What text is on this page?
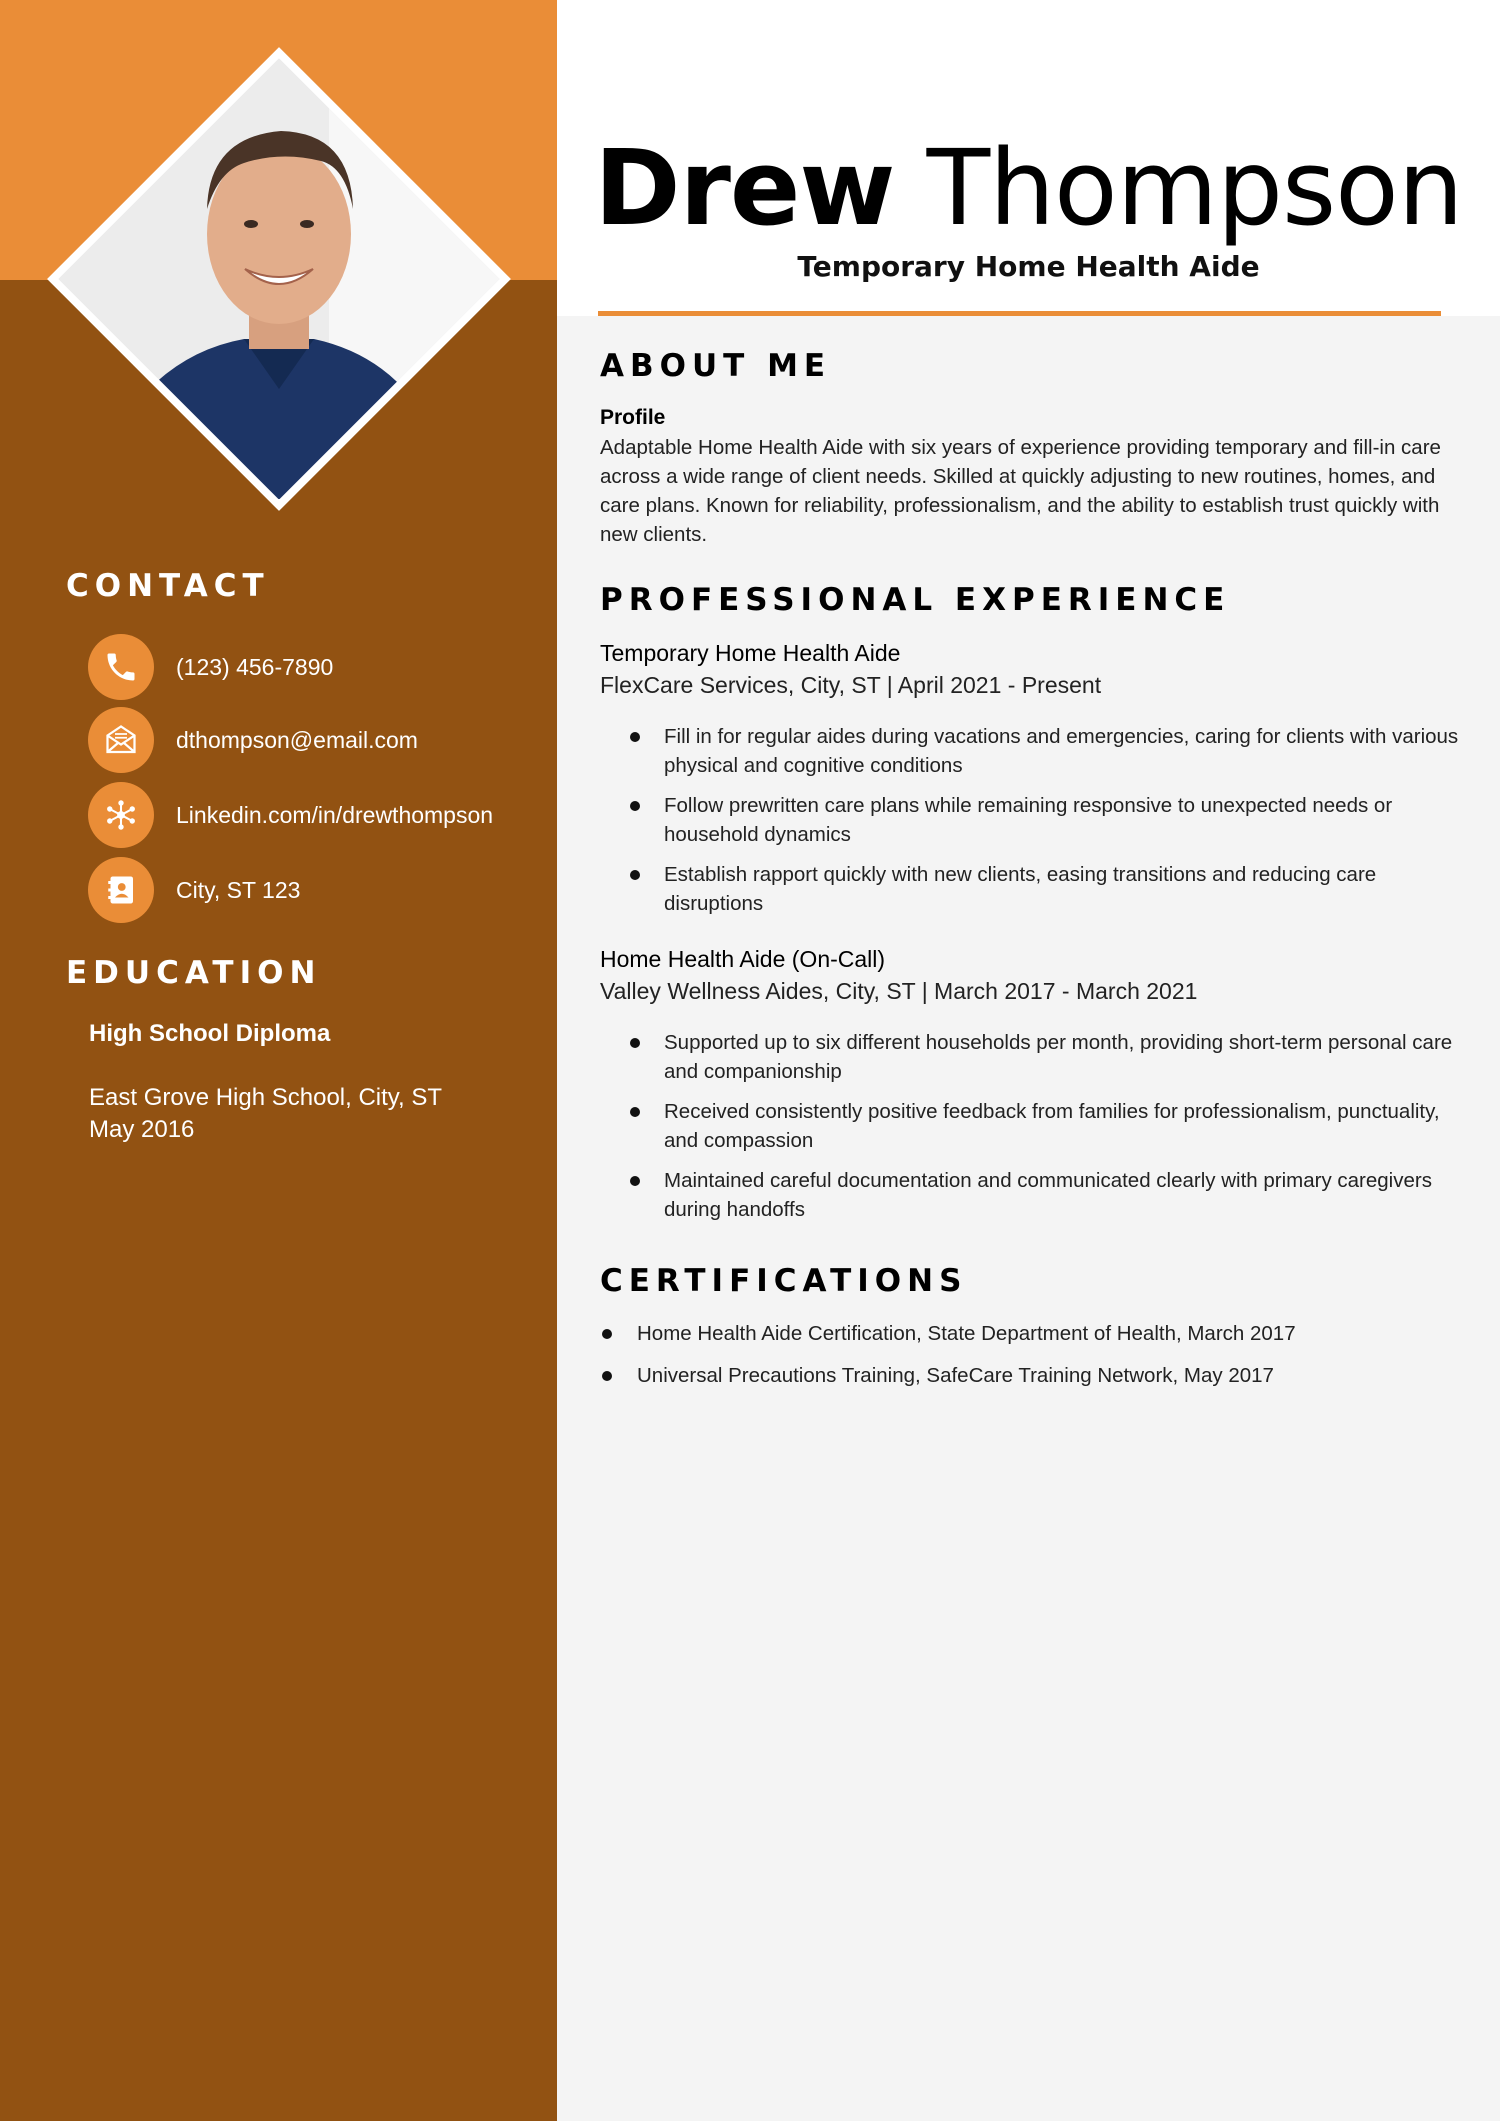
CONTACT
(123) 456-7890
dthompson@email.com
Linkedin.com/in/drewthompson
City, ST 123
EDUCATION
High School Diploma
East Grove High School, City, ST
May 2016
Drew Thompson
Temporary Home Health Aide
ABOUT ME
Profile
Adaptable Home Health Aide with six years of experience providing temporary and fill-in care across a wide range of client needs. Skilled at quickly adjusting to new routines, homes, and care plans. Known for reliability, professionalism, and the ability to establish trust quickly with new clients.
PROFESSIONAL EXPERIENCE
Temporary Home Health Aide
FlexCare Services, City, ST | April 2021 - Present
Fill in for regular aides during vacations and emergencies, caring for clients with various physical and cognitive conditions
Follow prewritten care plans while remaining responsive to unexpected needs or household dynamics
Establish rapport quickly with new clients, easing transitions and reducing care disruptions
Home Health Aide (On-Call)
Valley Wellness Aides, City, ST | March 2017 - March 2021
Supported up to six different households per month, providing short-term personal care and companionship
Received consistently positive feedback from families for professionalism, punctuality, and compassion
Maintained careful documentation and communicated clearly with primary caregivers during handoffs
CERTIFICATIONS
Home Health Aide Certification, State Department of Health, March 2017
Universal Precautions Training, SafeCare Training Network, May 2017
